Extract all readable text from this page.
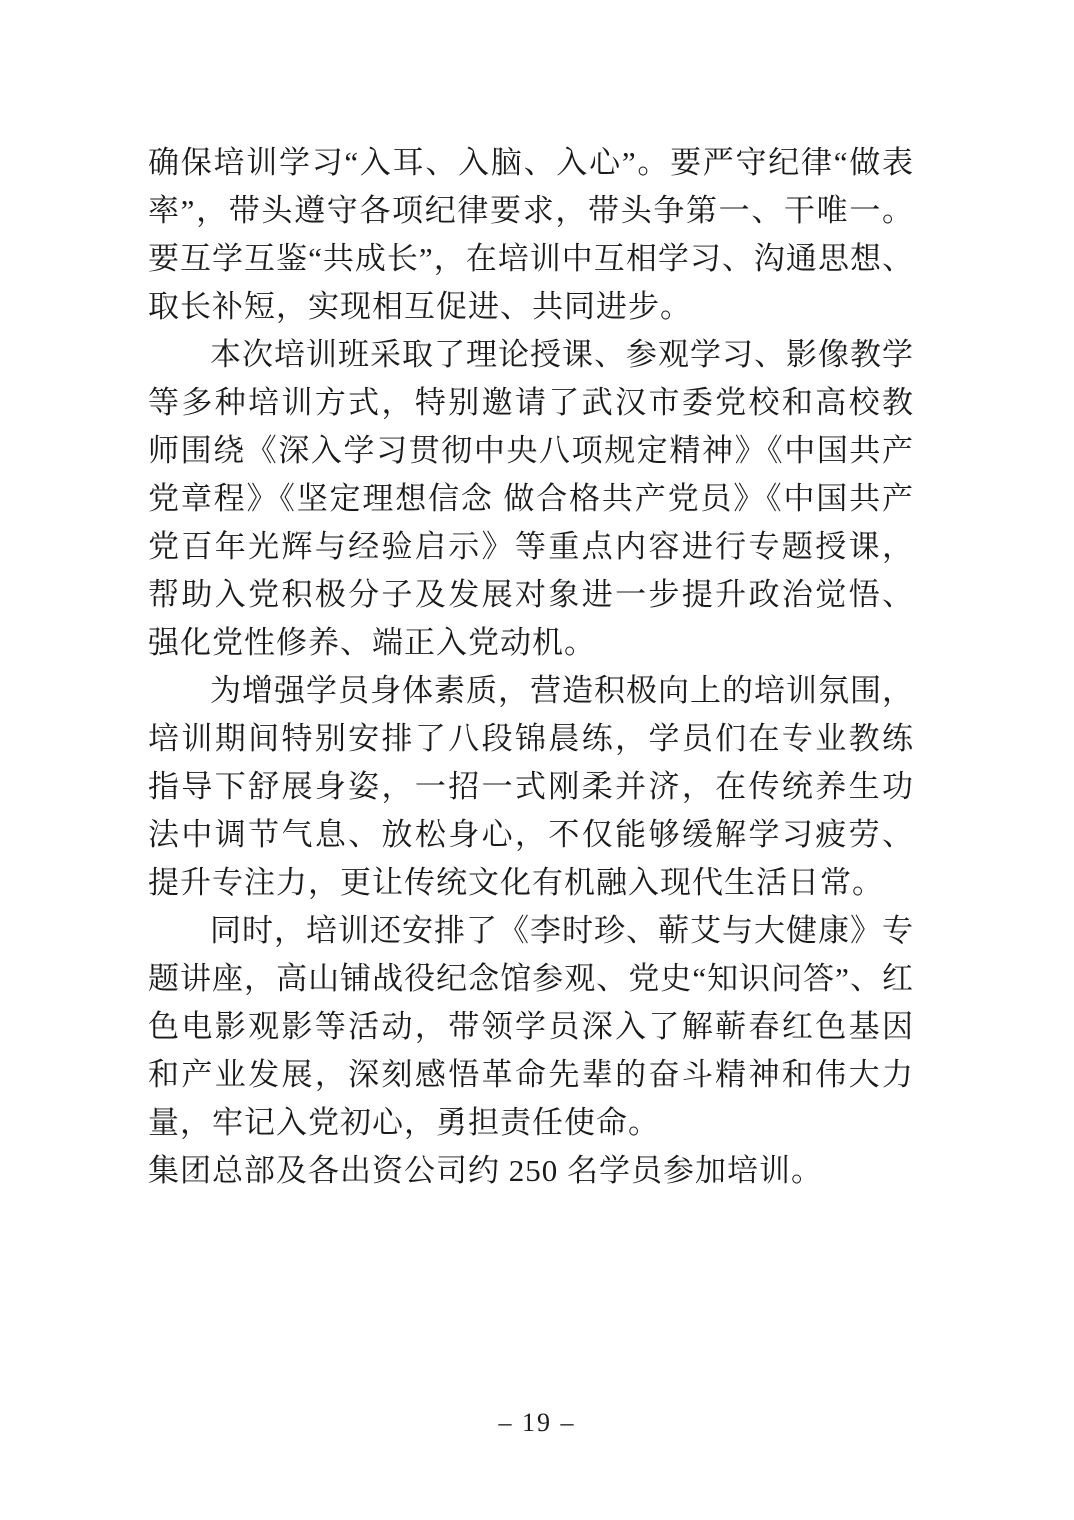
确保培训学习“入耳、入脑、入心”。要严守纪律“做表率”，带头遵守各项纪律要求，带头争第一、干唯一。要互学互鉴“共成长”，在培训中互相学习、沟通思想、取长补短，实现相互促进、共同进步。

本次培训班采取了理论授课、参观学习、影像教学等多种培训方式，特别邀请了武汉市委党校和高校教师围绕《深入学习贯彻中央八项规定精神》《中国共产党章程》《坚定理想信念 做合格共产党员》《中国共产党百年光辉与经验启示》等重点内容进行专题授课，帮助入党积极分子及发展对象进一步提升政治觉悟、强化党性修养、端正入党动机。

为增强学员身体素质，营造积极向上的培训氛围，培训期间特别安排了八段锦晨练，学员们在专业教练指导下舒展身姿，一招一式刚柔并济，在传统养生功法中调节气息、放松身心，不仅能够缓解学习疲劳、提升专注力，更让传统文化有机融入现代生活日常。

同时，培训还安排了《李时珍、蕲艾与大健康》专题讲座，高山铺战役纪念馆参观、党史“知识问答”、红色电影观影等活动，带领学员深入了解蕲春红色基因和产业发展，深刻感悟革命先辈的奋斗精神和伟大力量，牢记入党初心，勇担责任使命。

集团总部及各出资公司约 250 名学员参加培训。

– 19 –
